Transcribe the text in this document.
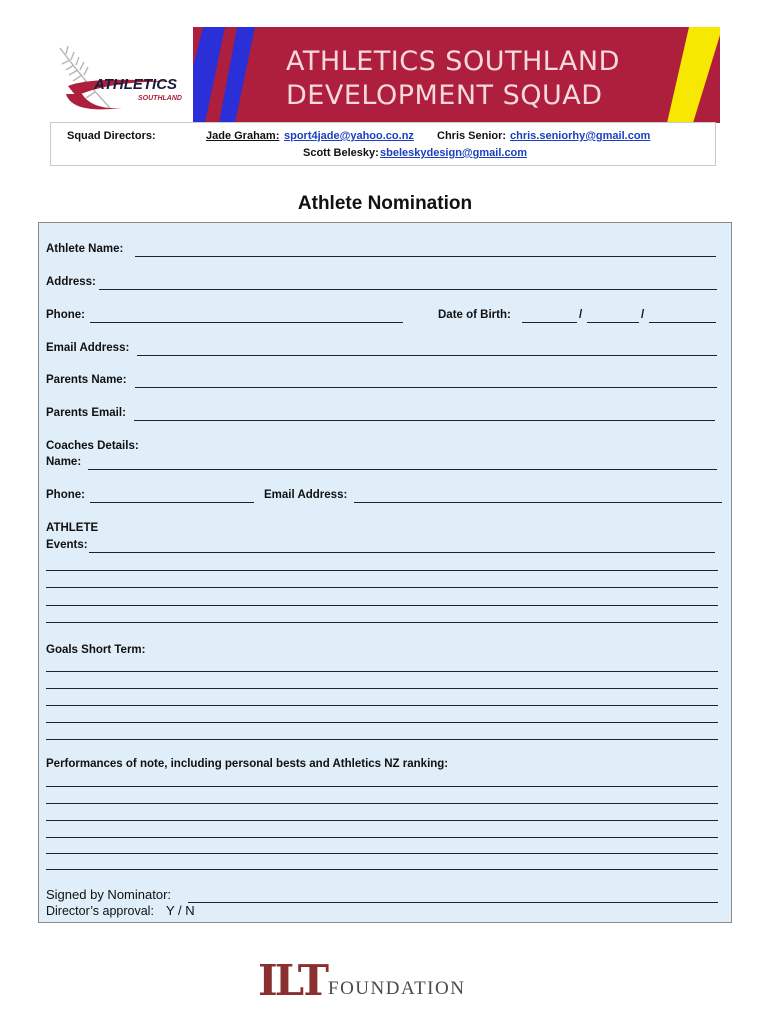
ATHLETICS
SOUTHLAND
ATHLETICS SOUTHLAND
DEVELOPMENT SQUAD
Squad Directors:	Jade Graham: sport4jade@yahoo.co.nz Chris Senior: chris.seniorhy@gmail.com
Scott Belesky: sbeleskydesign@gmail.com
Athlete Nomination
Athlete Name:
Address:
Phone:	Date of Birth:	/	/
Email Address:
Parents Name:
Parents Email:
Coaches Details:
Name:
Phone:	Email Address:
ATHLETE
Events:
Goals Short Term:
Performances of note, including personal bests and Athletics NZ ranking:
Signed by Nominator:
Director’s approval: Y / N
ILT FOUNDATION
